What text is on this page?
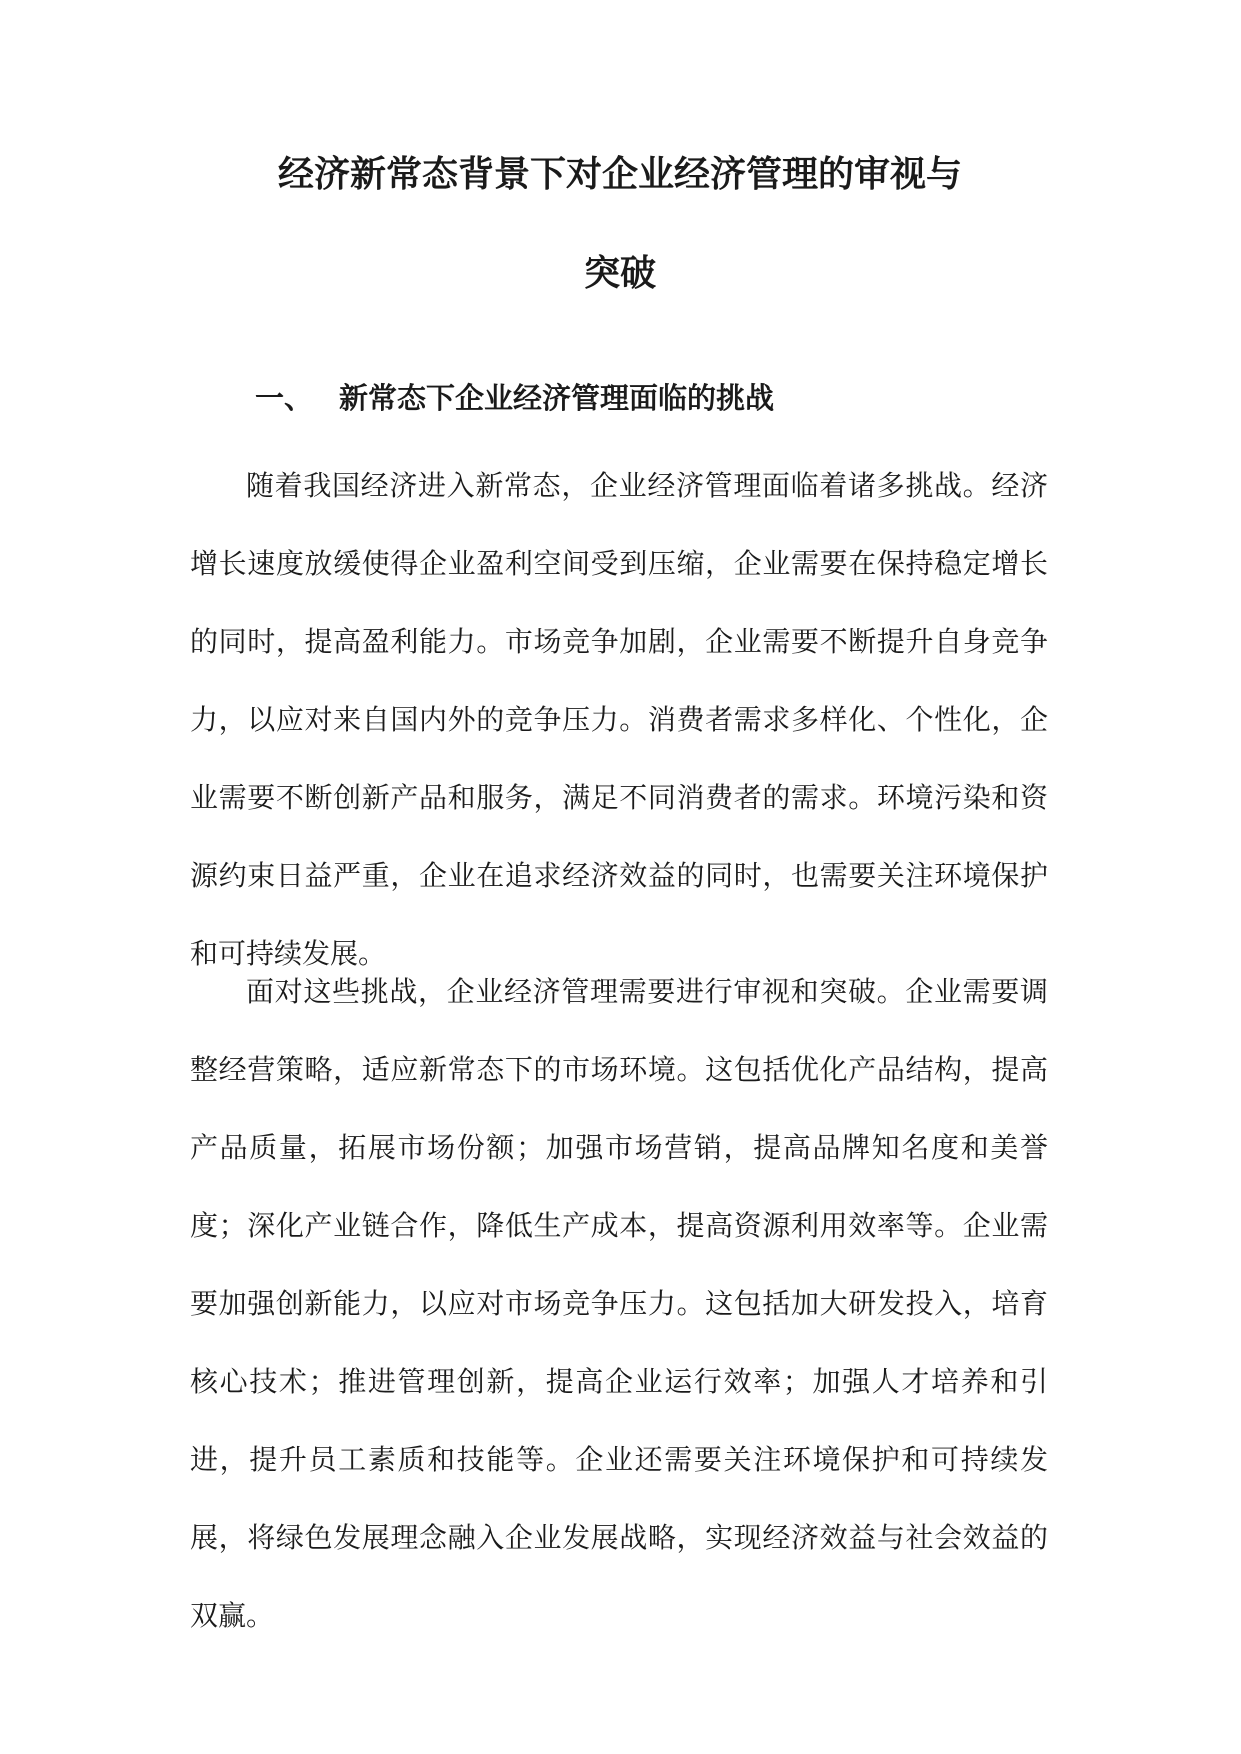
经济新常态背景下对企业经济管理的审视与
突破
一、 新常态下企业经济管理面临的挑战

随着我国经济进入新常态，企业经济管理面临着诸多挑战。经济增长速度放缓使得企业盈利空间受到压缩，企业需要在保持稳定增长的同时，提高盈利能力。市场竞争加剧，企业需要不断提升自身竞争力，以应对来自国内外的竞争压力。消费者需求多样化、个性化，企业需要不断创新产品和服务，满足不同消费者的需求。环境污染和资源约束日益严重，企业在追求经济效益的同时，也需要关注环境保护和可持续发展。

面对这些挑战，企业经济管理需要进行审视和突破。企业需要调整经营策略，适应新常态下的市场环境。这包括优化产品结构，提高产品质量，拓展市场份额；加强市场营销，提高品牌知名度和美誉度；深化产业链合作，降低生产成本，提高资源利用效率等。企业需要加强创新能力，以应对市场竞争压力。这包括加大研发投入，培育核心技术；推进管理创新，提高企业运行效率；加强人才培养和引进，提升员工素质和技能等。企业还需要关注环境保护和可持续发展，将绿色发展理念融入企业发展战略，实现经济效益与社会效益的双赢。
